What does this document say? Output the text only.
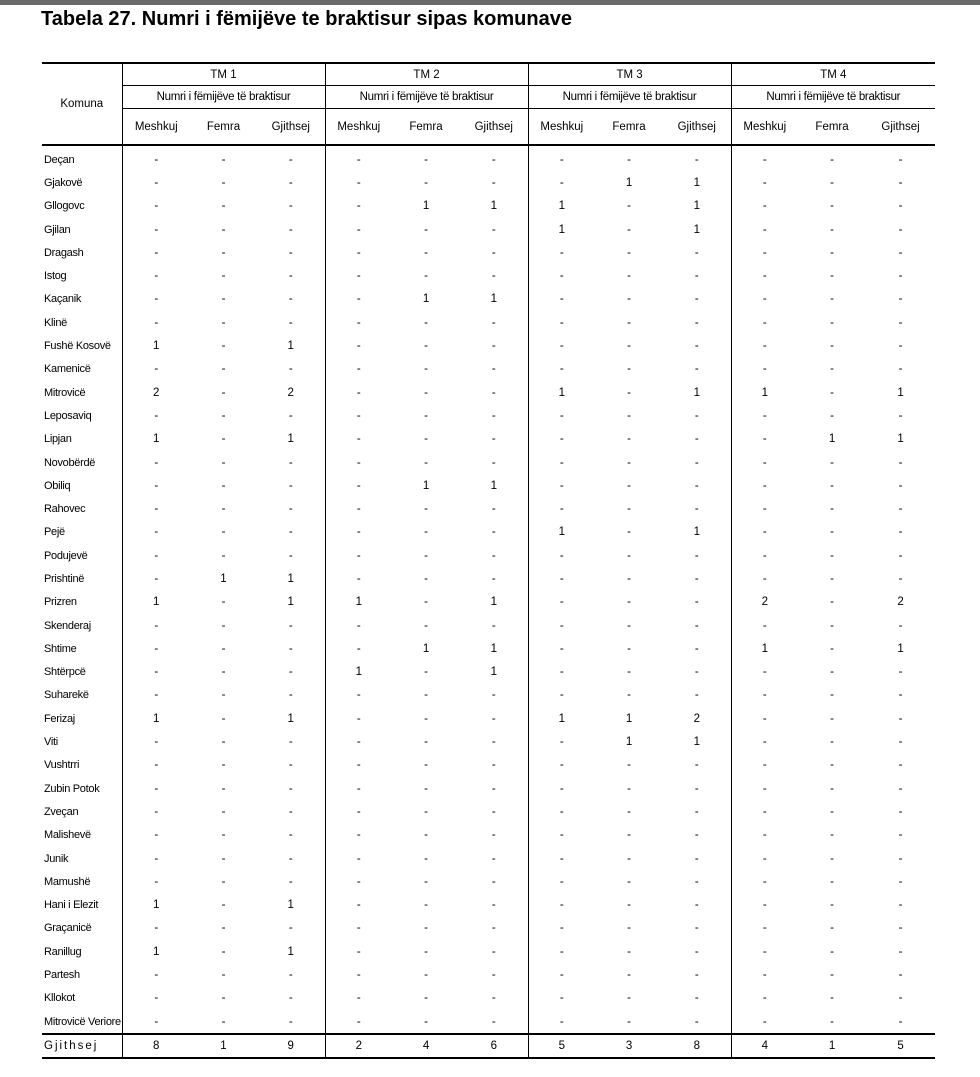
Tabela 27. Numri i fëmijëve te braktisur sipas komunave
Komuna	TM 1			TM 2			TM 3			TM 4		
	Numri i fëmijëve të braktisur			Numri i fëmijëve të braktisur			Numri i fëmijëve të braktisur			Numri i fëmijëve të braktisur		
	Meshkuj	Femra	Gjithsej	Meshkuj	Femra	Gjithsej	Meshkuj	Femra	Gjithsej	Meshkuj	Femra	Gjithsej
Deçan	-	-	-	-	-	-	-	-	-	-	-	-
Gjakovë	-	-	-	-	-	-	-	1	1	-	-	-
Gllogovc	-	-	-	-	1	1	1	-	1	-	-	-
Gjilan	-	-	-	-	-	-	1	-	1	-	-	-
Dragash	-	-	-	-	-	-	-	-	-	-	-	-
Istog	-	-	-	-	-	-	-	-	-	-	-	-
Kaçanik	-	-	-	-	1	1	-	-	-	-	-	-
Klinë	-	-	-	-	-	-	-	-	-	-	-	-
Fushë Kosovë	1	-	1	-	-	-	-	-	-	-	-	-
Kamenicë	-	-	-	-	-	-	-	-	-	-	-	-
Mitrovicë	2	-	2	-	-	-	1	-	1	1	-	1
Leposaviq	-	-	-	-	-	-	-	-	-	-	-	-
Lipjan	1	-	1	-	-	-	-	-	-	-	1	1
Novobërdë	-	-	-	-	-	-	-	-	-	-	-	-
Obiliq	-	-	-	-	1	1	-	-	-	-	-	-
Rahovec	-	-	-	-	-	-	-	-	-	-	-	-
Pejë	-	-	-	-	-	-	1	-	1	-	-	-
Podujevë	-	-	-	-	-	-	-	-	-	-	-	-
Prishtinë	-	1	1	-	-	-	-	-	-	-	-	-
Prizren	1	-	1	1	-	1	-	-	-	2	-	2
Skenderaj	-	-	-	-	-	-	-	-	-	-	-	-
Shtime	-	-	-	-	1	1	-	-	-	1	-	1
Shtërpcë	-	-	-	1	-	1	-	-	-	-	-	-
Suharekë	-	-	-	-	-	-	-	-	-	-	-	-
Ferizaj	1	-	1	-	-	-	1	1	2	-	-	-
Viti	-	-	-	-	-	-	-	1	1	-	-	-
Vushtrri	-	-	-	-	-	-	-	-	-	-	-	-
Zubin Potok	-	-	-	-	-	-	-	-	-	-	-	-
Zveçan	-	-	-	-	-	-	-	-	-	-	-	-
Malishevë	-	-	-	-	-	-	-	-	-	-	-	-
Junik	-	-	-	-	-	-	-	-	-	-	-	-
Mamushë	-	-	-	-	-	-	-	-	-	-	-	-
Hani i Elezit	1	-	1	-	-	-	-	-	-	-	-	-
Graçanicë	-	-	-	-	-	-	-	-	-	-	-	-
Ranillug	1	-	1	-	-	-	-	-	-	-	-	-
Partesh	-	-	-	-	-	-	-	-	-	-	-	-
Kllokot	-	-	-	-	-	-	-	-	-	-	-	-
Mitrovicë Veriore	-	-	-	-	-	-	-	-	-	-	-	-
Gjithsej	8	1	9	2	4	6	5	3	8	4	1	5
